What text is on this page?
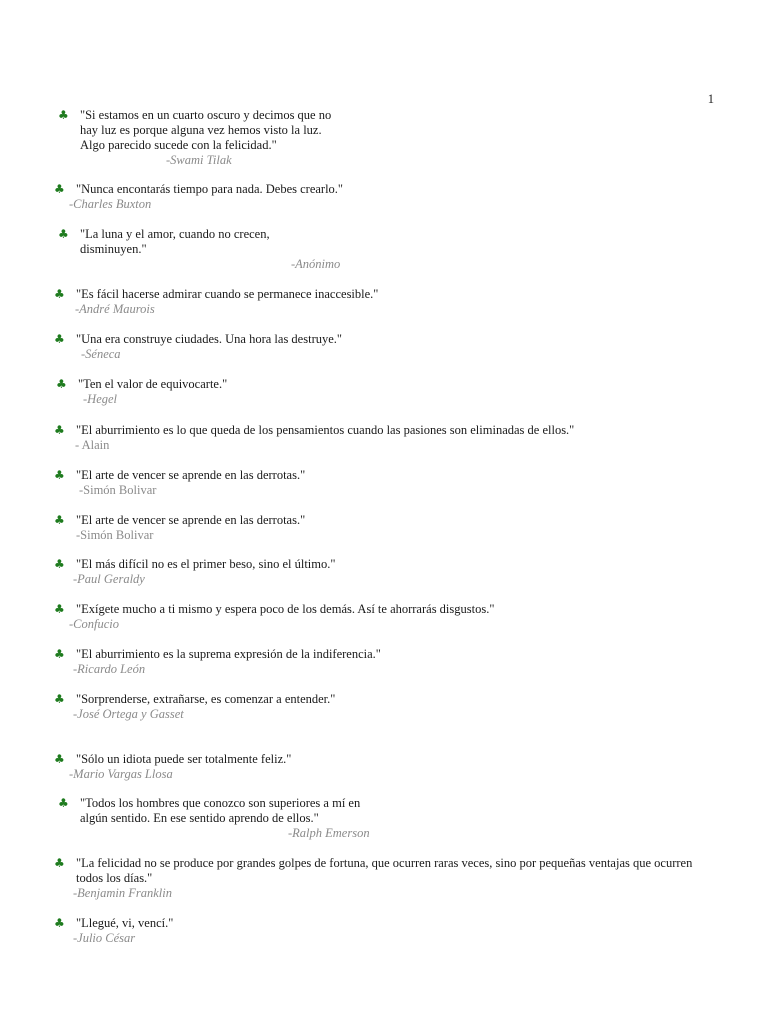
1
♣ "Si estamos en un cuarto oscuro y decimos que no
hay luz es porque alguna vez hemos visto la luz.
Algo parecido sucede con la felicidad."
-Swami Tilak
♣ "Nunca encontarás tiempo para nada. Debes crearlo."
-Charles Buxton
♣ "La luna y el amor, cuando no crecen,
disminuyen."
-Anónimo
♣ "Es fácil hacerse admirar cuando se permanece inaccesible."
-André Maurois
♣ "Una era construye ciudades. Una hora las destruye."
-Séneca
♣ "Ten el valor de equivocarte."
-Hegel
♣ "El aburrimiento es lo que queda de los pensamientos cuando las pasiones son eliminadas de ellos."
- Alain
♣ "El arte de vencer se aprende en las derrotas."
-Simón Bolivar
♣ "El arte de vencer se aprende en las derrotas."
-Simón Bolivar
♣ "El más difícil no es el primer beso, sino el último."
-Paul Geraldy
♣ "Exígete mucho a ti mismo y espera poco de los demás. Así te ahorrarás disgustos."
-Confucio
♣ "El aburrimiento es la suprema expresión de la indiferencia."
-Ricardo León
♣ "Sorprenderse, extrañarse, es comenzar a entender."
-José Ortega y Gasset
♣ "Sólo un idiota puede ser totalmente feliz."
-Mario Vargas Llosa
♣ "Todos los hombres que conozco son superiores a mí en
algún sentido. En ese sentido aprendo de ellos."
-Ralph Emerson
♣ "La felicidad no se produce por grandes golpes de fortuna, que ocurren raras veces, sino por pequeñas ventajas que ocurren
todos los días."
-Benjamin Franklin
♣ "Llegué, vi, vencí."
-Julio César
